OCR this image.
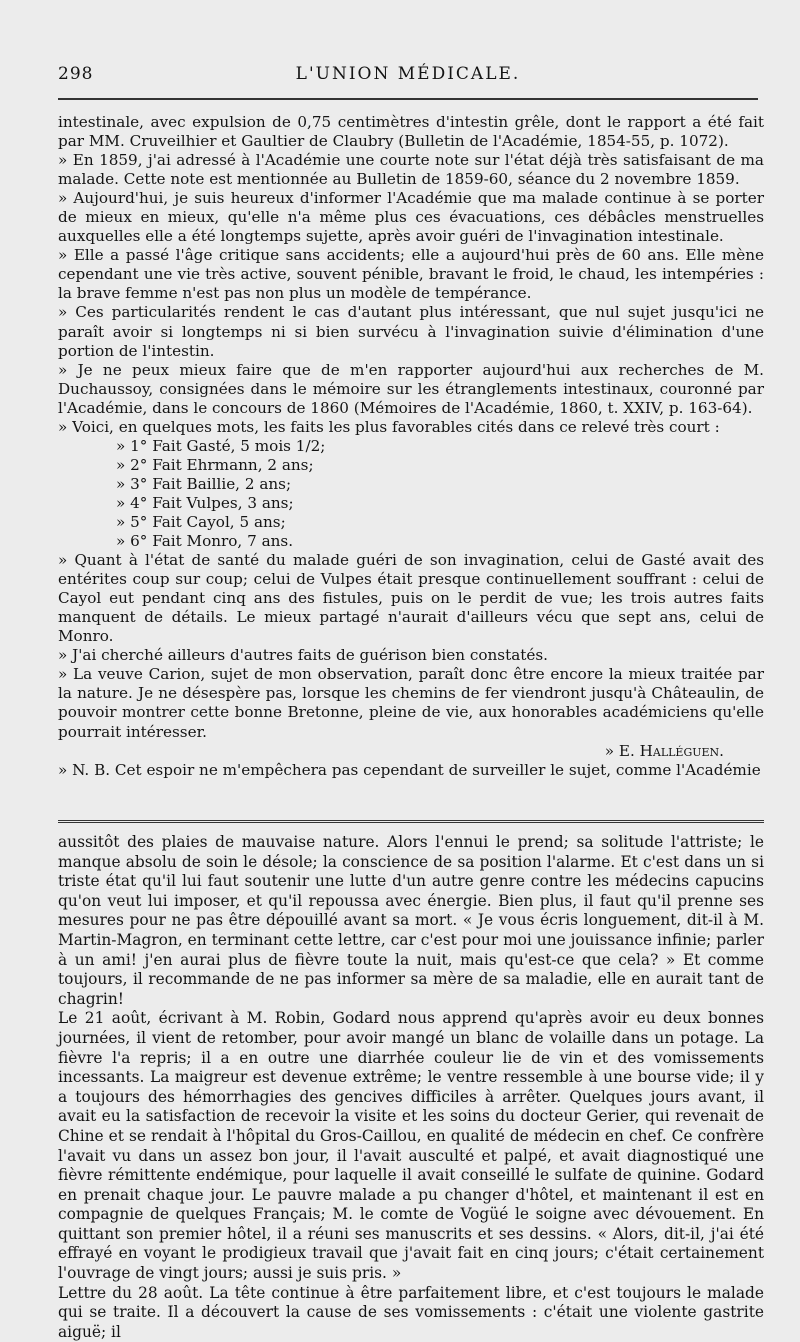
298	L'UNION MÉDICALE.

intestinale, avec expulsion de 0,75 centimètres d'intestin grêle, dont le rapport a été fait par MM. Cruveilhier et Gaultier de Claubry (Bulletin de l'Académie, 1854-55, p. 1072).

» En 1859, j'ai adressé à l'Académie une courte note sur l'état déjà très satisfaisant de ma malade. Cette note est mentionnée au Bulletin de 1859-60, séance du 2 novembre 1859.

» Aujourd'hui, je suis heureux d'informer l'Académie que ma malade continue à se porter de mieux en mieux, qu'elle n'a même plus ces évacuations, ces débâcles menstruelles auxquelles elle a été longtemps sujette, après avoir guéri de l'invagination intestinale.

» Elle a passé l'âge critique sans accidents; elle a aujourd'hui près de 60 ans. Elle mène cependant une vie très active, souvent pénible, bravant le froid, le chaud, les intempéries : la brave femme n'est pas non plus un modèle de tempérance.

» Ces particularités rendent le cas d'autant plus intéressant, que nul sujet jusqu'ici ne paraît avoir si longtemps ni si bien survécu à l'invagination suivie d'élimination d'une portion de l'intestin.

» Je ne peux mieux faire que de m'en rapporter aujourd'hui aux recherches de M. Duchaussoy, consignées dans le mémoire sur les étranglements intestinaux, couronné par l'Académie, dans le concours de 1860 (Mémoires de l'Académie, 1860, t. XXIV, p. 163-64).

» Voici, en quelques mots, les faits les plus favorables cités dans ce relevé très court :

» 1° Fait Gasté, 5 mois 1/2;
» 2° Fait Ehrmann, 2 ans;
» 3° Fait Baillie, 2 ans;
» 4° Fait Vulpes, 3 ans;
» 5° Fait Cayol, 5 ans;
» 6° Fait Monro, 7 ans.

» Quant à l'état de santé du malade guéri de son invagination, celui de Gasté avait des entérites coup sur coup; celui de Vulpes était presque continuellement souffrant : celui de Cayol eut pendant cinq ans des fistules, puis on le perdit de vue; les trois autres faits manquent de détails. Le mieux partagé n'aurait d'ailleurs vécu que sept ans, celui de Monro.

» J'ai cherché ailleurs d'autres faits de guérison bien constatés.

» La veuve Carion, sujet de mon observation, paraît donc être encore la mieux traitée par la nature. Je ne désespère pas, lorsque les chemins de fer viendront jusqu'à Châteaulin, de pouvoir montrer cette bonne Bretonne, pleine de vie, aux honorables académiciens qu'elle pourrait intéresser.

» E. Halléguen.

» N. B. Cet espoir ne m'empêchera pas cependant de surveiller le sujet, comme l'Académie

aussitôt des plaies de mauvaise nature. Alors l'ennui le prend; sa solitude l'attriste; le manque absolu de soin le désole; la conscience de sa position l'alarme. Et c'est dans un si triste état qu'il lui faut soutenir une lutte d'un autre genre contre les médecins capucins qu'on veut lui imposer, et qu'il repoussa avec énergie. Bien plus, il faut qu'il prenne ses mesures pour ne pas être dépouillé avant sa mort. « Je vous écris longuement, dit-il à M. Martin-Magron, en terminant cette lettre, car c'est pour moi une jouissance infinie; parler à un ami! j'en aurai plus de fièvre toute la nuit, mais qu'est-ce que cela? » Et comme toujours, il recommande de ne pas informer sa mère de sa maladie, elle en aurait tant de chagrin!

Le 21 août, écrivant à M. Robin, Godard nous apprend qu'après avoir eu deux bonnes journées, il vient de retomber, pour avoir mangé un blanc de volaille dans un potage. La fièvre l'a repris; il a en outre une diarrhée couleur lie de vin et des vomissements incessants. La maigreur est devenue extrême; le ventre ressemble à une bourse vide; il y a toujours des hémorrhagies des gencives difficiles à arrêter. Quelques jours avant, il avait eu la satisfaction de recevoir la visite et les soins du docteur Gerier, qui revenait de Chine et se rendait à l'hôpital du Gros-Caillou, en qualité de médecin en chef. Ce confrère l'avait vu dans un assez bon jour, il l'avait ausculté et palpé, et avait diagnostiqué une fièvre rémittente endémique, pour laquelle il avait conseillé le sulfate de quinine. Godard en prenait chaque jour. Le pauvre malade a pu changer d'hôtel, et maintenant il est en compagnie de quelques Français; M. le comte de Vogüé le soigne avec dévouement. En quittant son premier hôtel, il a réuni ses manuscrits et ses dessins. « Alors, dit-il, j'ai été effrayé en voyant le prodigieux travail que j'avait fait en cinq jours; c'était certainement l'ouvrage de vingt jours; aussi je suis pris. »

Lettre du 28 août. La tête continue à être parfaitement libre, et c'est toujours le malade qui se traite. Il a découvert la cause de ses vomissements : c'était une violente gastrite aiguë; il
